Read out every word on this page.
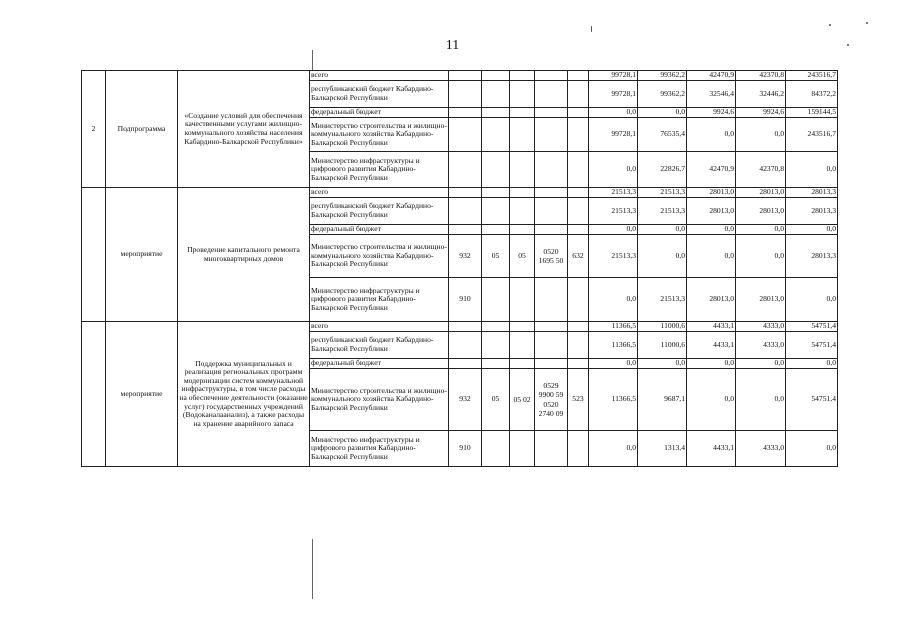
11
2	Подпрограмма	«Создание условий для обеспечения качественными услугами жилищно-коммунального хозяйства населения Кабардино-Балкарской Республики»	всего						99728,1	99362,2	42470,9	42370,8	243516,7
			республиканский бюджет Кабардино- Балкарской Республики						99728,1	99362,2	32546,4	32446,2	84372,2
			федеральный бюджет						0,0	0,0	9924,6	9924,6	159144,5
			Министерство строительства и жилищно-коммунального хозяйства Кабардино-Балкарской Республики						99728,1	76535,4	0,0	0,0	243516,7
			Министерство инфраструктуры и цифрового развития Кабардино-Балкарской Республики						0,0	22826,7	42470,9	42370,8	0,0
	мероприятие	Проведение капитального ремонта многоквартирных домов	всего						21513,3	21513,3	28013,0	28013,0	28013,3
			республиканский бюджет Кабардино- Балкарской Республики						21513,3	21513,3	28013,0	28013,0	28013,3
			федеральный бюджет						0,0	0,0	0,0	0,0	0,0
			Министерство строительства и жилищно-коммунального хозяйства Кабардино-Балкарской Республики	932	05	05	0520 1695 50	632	21513,3	0,0	0,0	0,0	28013,3
			Министерство инфраструктуры и цифрового развития Кабардино-Балкарской Республики	910					0,0	21513,3	28013,0	28013,0	0,0
	мероприятие	Поддержка муниципальных и реализация региональных программ модернизации систем коммунальной инфраструктуры, в том числе расходы на обеспечение деятельности (оказание услуг) государственных учреждений (Водоканалаанализ), а также расходы на хранение аварийного запаса	всего						11366,5	11000,6	4433,1	4333,0	54751,4
			республиканский бюджет Кабардино- Балкарской Республики						11366,5	11000,6	4433,1	4333,0	54751,4
			федеральный бюджет						0,0	0,0	0,0	0,0	0,0
			Министерство строительства и жилищно-коммунального хозяйства Кабардино-Балкарской Республики	932	05	05 02	0529 9900 59 0520 2740 09	523	11366,5	9687,1	0,0	0,0	54751,4
			Министерство инфраструктуры и цифрового развития Кабардино-Балкарской Республики	910					0,0	1313,4	4433,1	4333,0	0,0
